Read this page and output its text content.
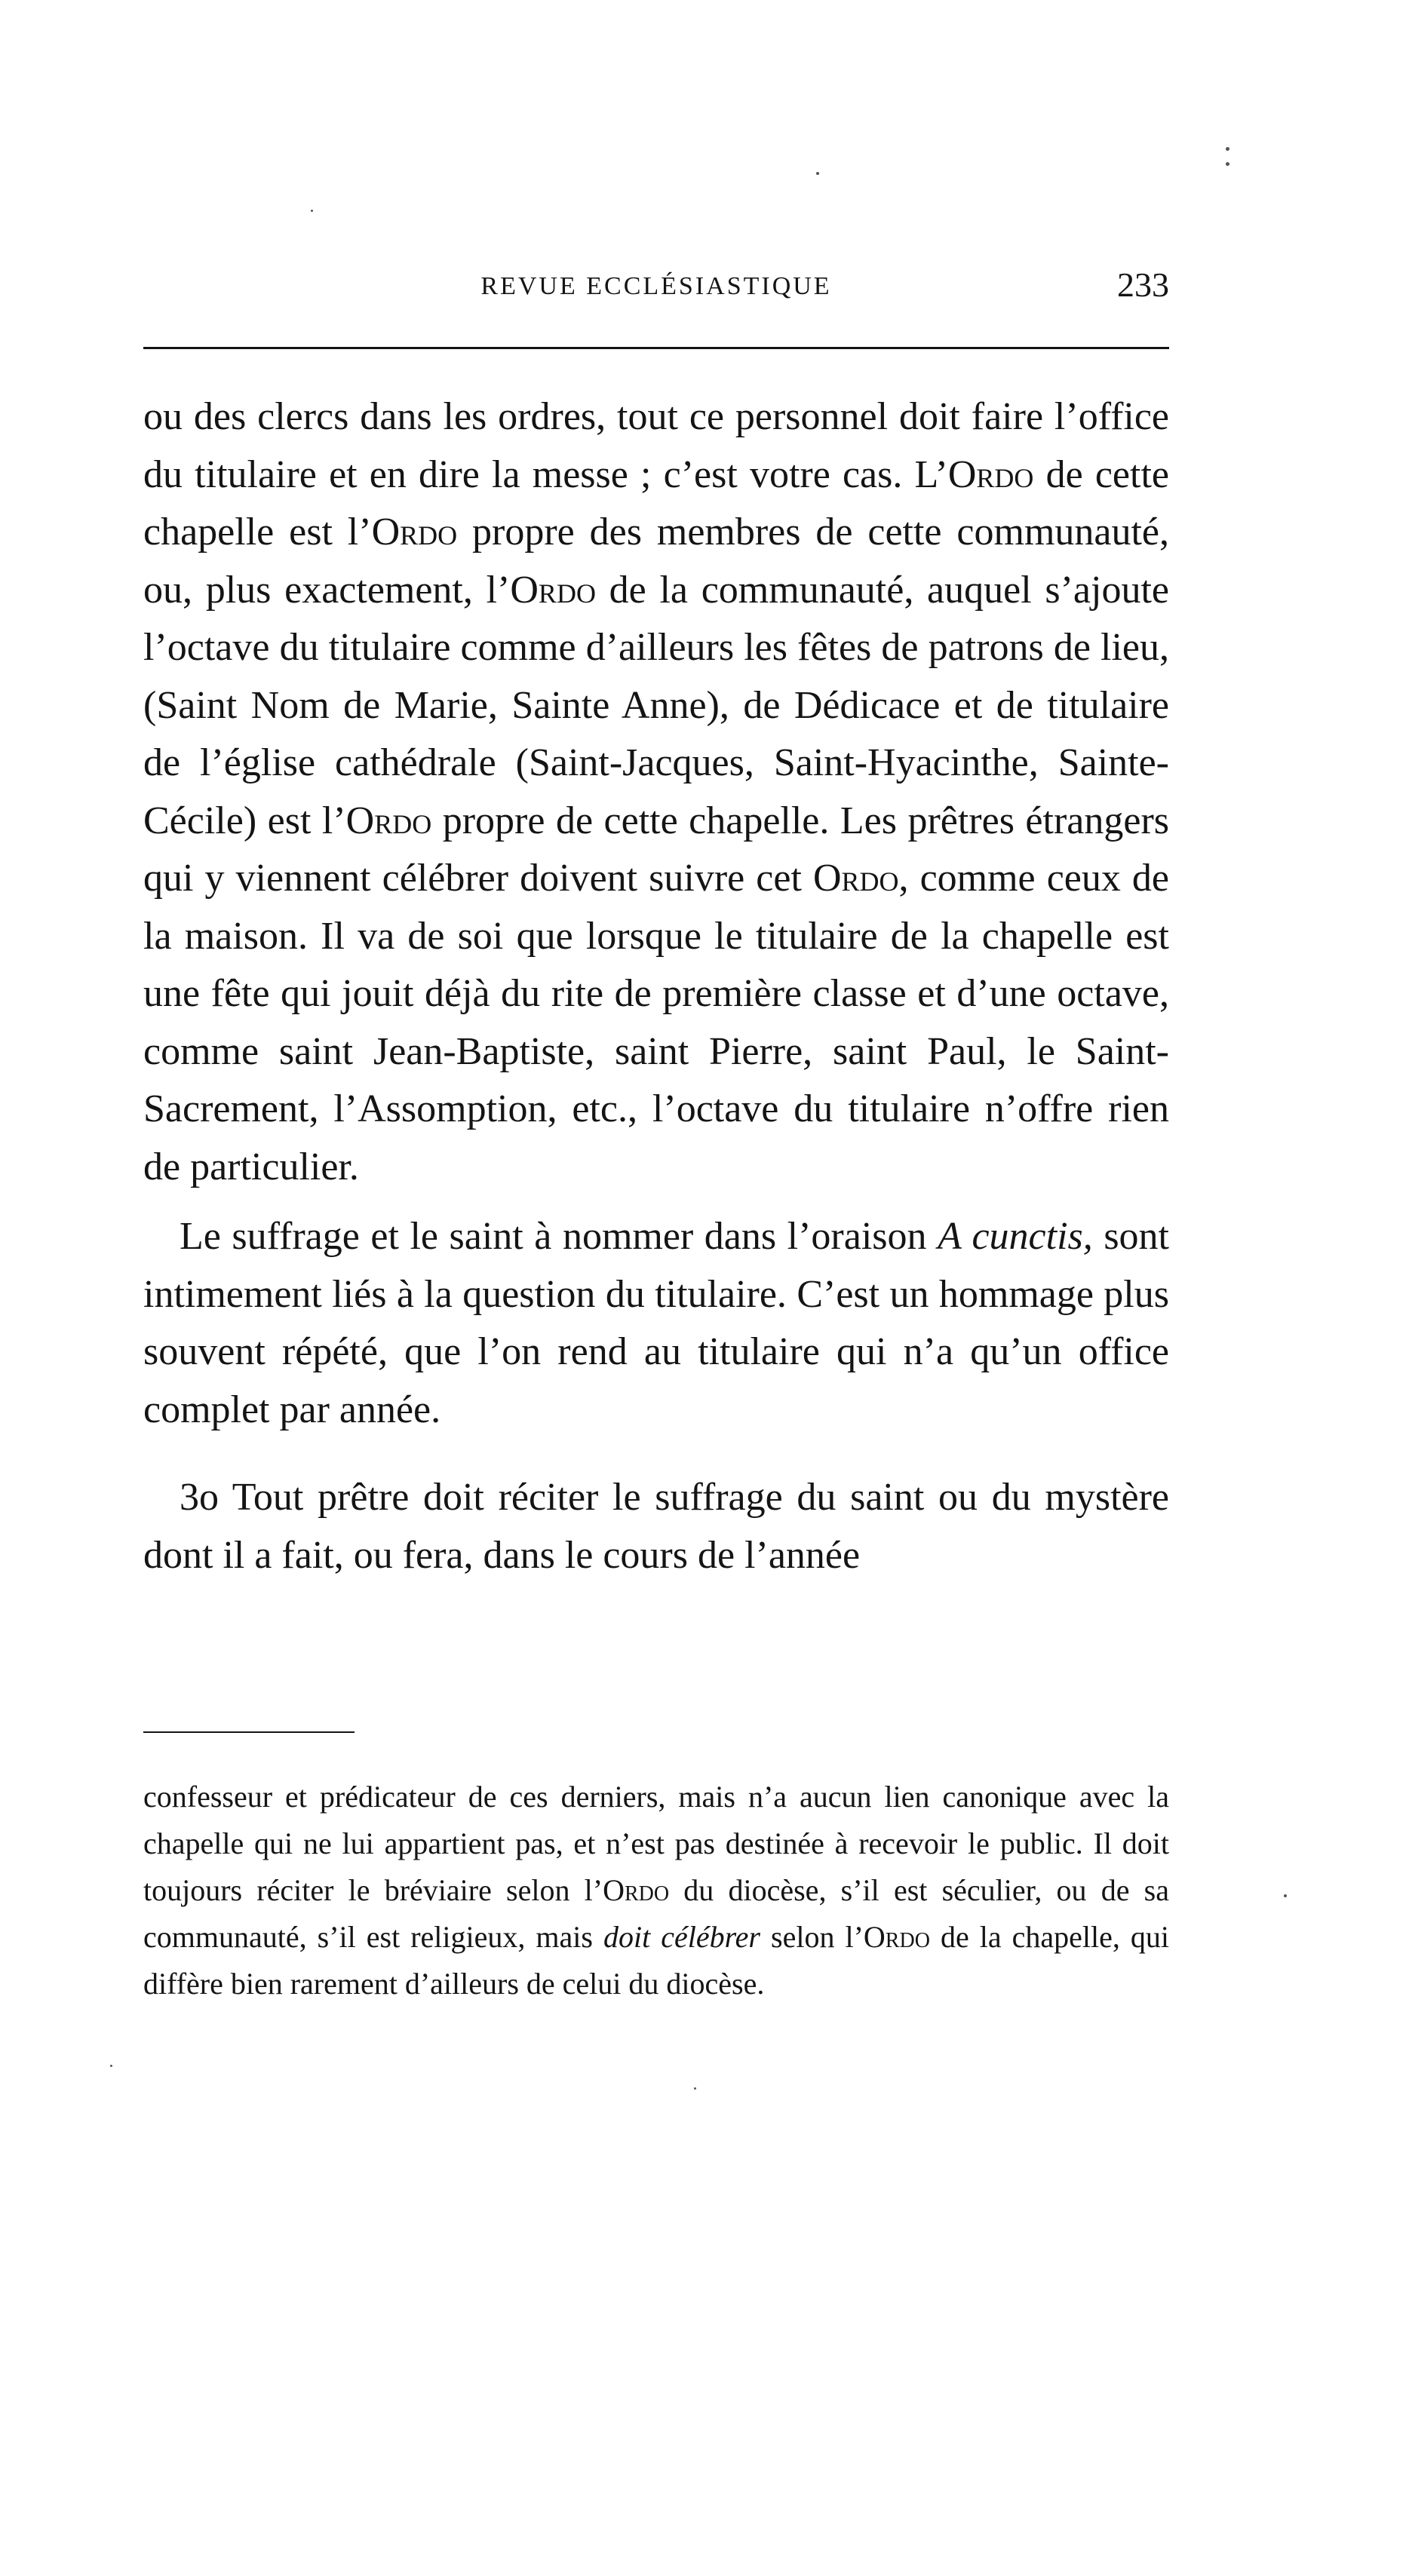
REVUE ECCLÉSIASTIQUE	233

ou des clercs dans les ordres, tout ce personnel doit faire l’office du titulaire et en dire la messe ; c’est votre cas. L’Ordo de cette chapelle est l’Ordo propre des membres de cette communauté, ou, plus exactement, l’Ordo de la communauté, auquel s’ajoute l’octave du titulaire comme d’ailleurs les fêtes de patrons de lieu, (Saint Nom de Marie, Sainte Anne), de Dédicace et de titulaire de l’église cathédrale (Saint-Jacques, Saint-Hyacinthe, Sainte-Cécile) est l’Ordo propre de cette chapelle. Les prêtres étrangers qui y viennent célébrer doivent suivre cet Ordo, comme ceux de la maison. Il va de soi que lorsque le titulaire de la chapelle est une fête qui jouit déjà du rite de première classe et d’une octave, comme saint Jean-Baptiste, saint Pierre, saint Paul, le Saint-Sacrement, l’Assomption, etc., l’octave du titulaire n’offre rien de particulier.

Le suffrage et le saint à nommer dans l’oraison A cunctis, sont intimement liés à la question du titulaire. C’est un hommage plus souvent répété, que l’on rend au titulaire qui n’a qu’un office complet par année.

3o Tout prêtre doit réciter le suffrage du saint ou du mystère dont il a fait, ou fera, dans le cours de l’année

confesseur et prédicateur de ces derniers, mais n’a aucun lien canonique avec la chapelle qui ne lui appartient pas, et n’est pas destinée à recevoir le public. Il doit toujours réciter le bréviaire selon l’Ordo du diocèse, s’il est séculier, ou de sa communauté, s’il est religieux, mais doit célébrer selon l’Ordo de la chapelle, qui diffère bien rarement d’ailleurs de celui du diocèse.
